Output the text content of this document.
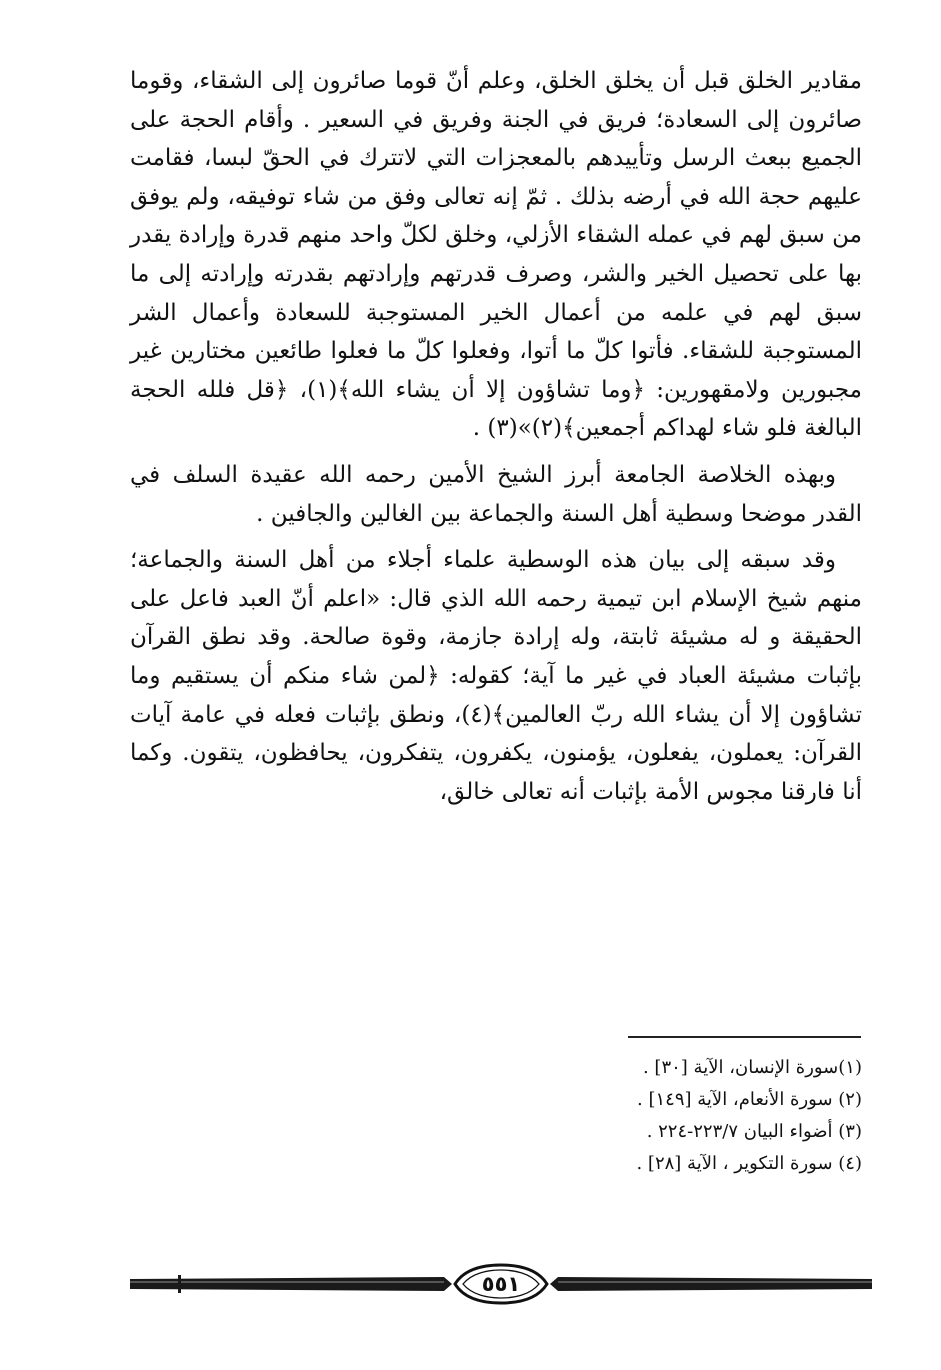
مقادير الخلق قبل أن يخلق الخلق، وعلم أنّ قوما صائرون إلى الشقاء، وقوما صائرون إلى السعادة؛ فريق في الجنة وفريق في السعير . وأقام الحجة على الجميع ببعث الرسل وتأييدهم بالمعجزات التي لاتترك في الحقّ لبسا، فقامت عليهم حجة الله في أرضه بذلك . ثمّ إنه تعالى وفق من شاء توفيقه، ولم يوفق من سبق لهم في عمله الشقاء الأزلي، وخلق لكلّ واحد منهم قدرة وإرادة يقدر بها على تحصيل الخير والشر، وصرف قدرتهم وإرادتهم بقدرته وإرادته إلى ما سبق لهم في علمه من أعمال الخير المستوجبة للسعادة وأعمال الشر المستوجبة للشقاء. فأتوا كلّ ما أتوا، وفعلوا كلّ ما فعلوا طائعين مختارين غير مجبورين ولامقهورين: ﴿وما تشاؤون إلا أن يشاء الله﴾(١)، ﴿قل فلله الحجة البالغة فلو شاء لهداكم أجمعين﴾(٢)»(٣) .

وبهذه الخلاصة الجامعة أبرز الشيخ الأمين رحمه الله عقيدة السلف في القدر موضحا وسطية أهل السنة والجماعة بين الغالين والجافين .

وقد سبقه إلى بيان هذه الوسطية علماء أجلاء من أهل السنة والجماعة؛ منهم شيخ الإسلام ابن تيمية رحمه الله الذي قال: «اعلم أنّ العبد فاعل على الحقيقة و له مشيئة ثابتة، وله إرادة جازمة، وقوة صالحة. وقد نطق القرآن بإثبات مشيئة العباد في غير ما آية؛ كقوله: ﴿لمن شاء منكم أن يستقيم وما تشاؤون إلا أن يشاء الله ربّ العالمين﴾(٤)، ونطق بإثبات فعله في عامة آيات القرآن: يعملون، يفعلون، يؤمنون، يكفرون، يتفكرون، يحافظون، يتقون. وكما أنا فارقنا مجوس الأمة بإثبات أنه تعالى خالق،

(١)سورة الإنسان، الآية [٣٠] .

(٢) سورة الأنعام، الآية [١٤٩] .

(٣) أضواء البيان ٢٢٣/٧-٢٢٤ .

(٤) سورة التكوير ، الآية [٢٨] .

٥٥١
